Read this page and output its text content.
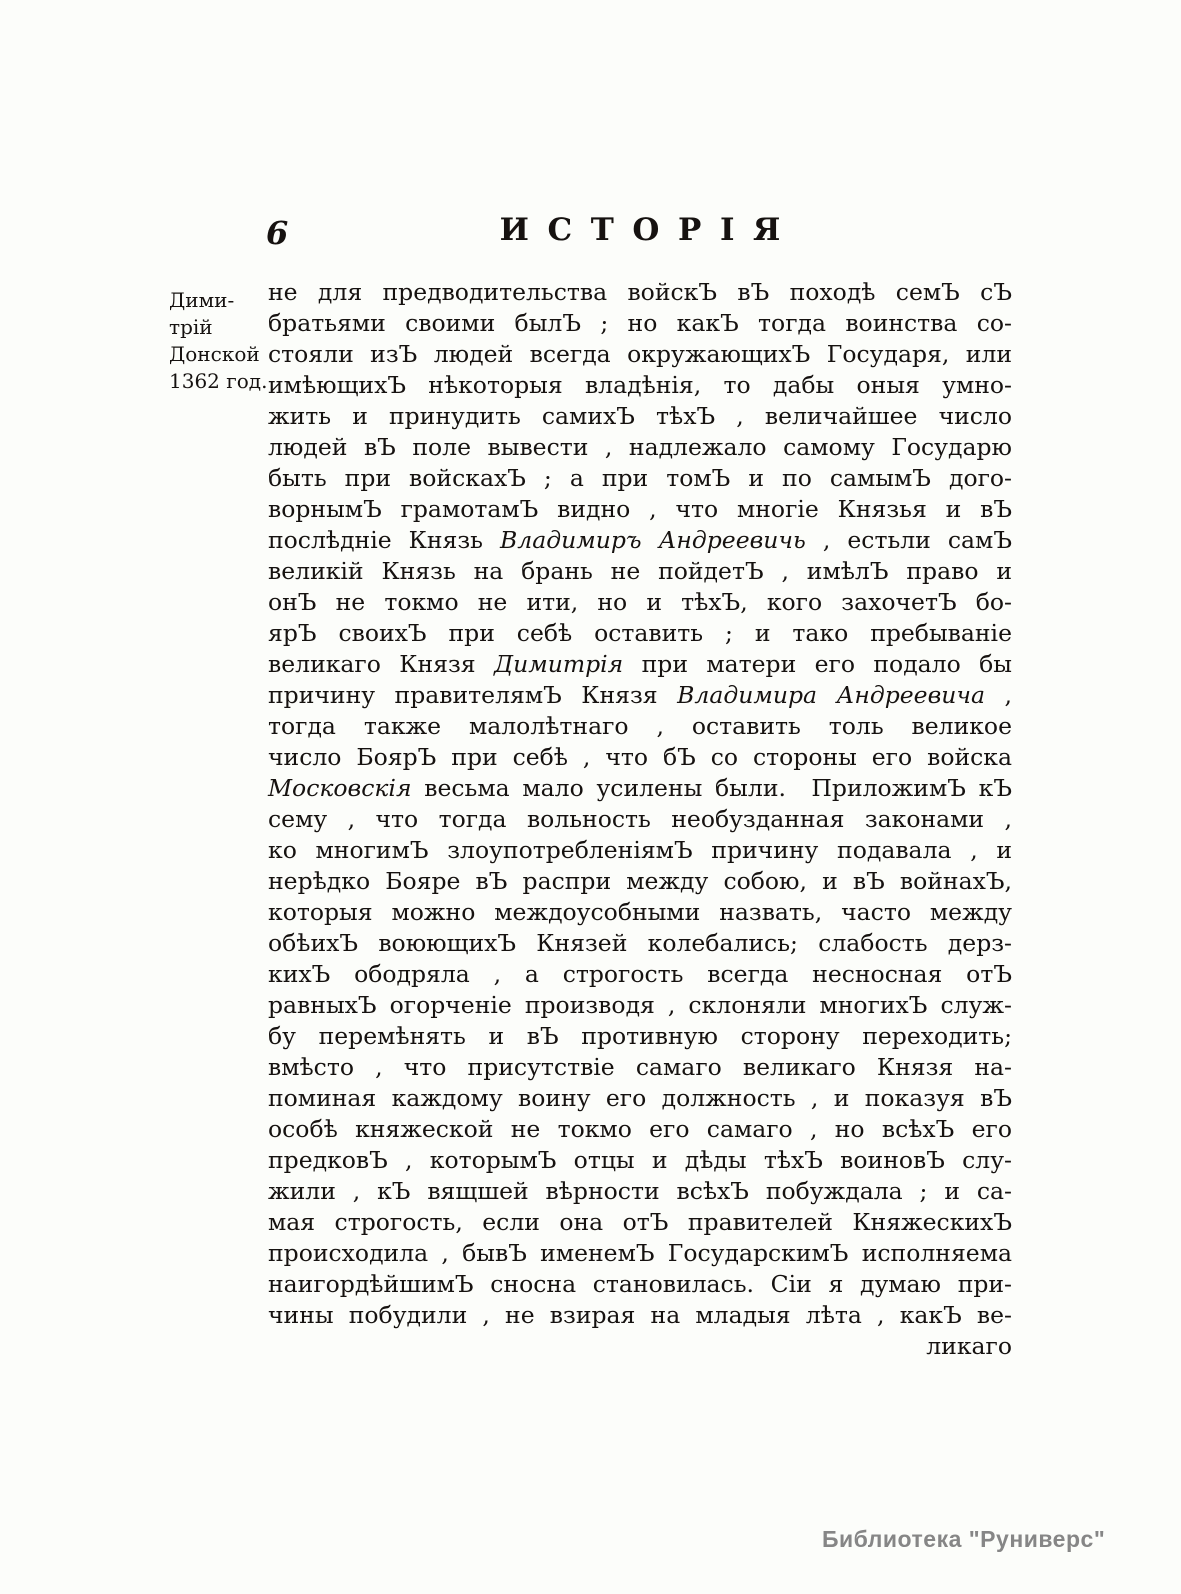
6	ИСТОРІЯ
Дими-
трій
Донской
1362 год.
не для предводительства войскЪ вЪ походѣ семЪ сЪ
братьями своими былЪ ; но какЪ тогда воинства со-
стояли изЪ людей всегда окружающихЪ Государя, или
имѣющихЪ нѣкоторыя владѣнія, то дабы оныя умно-
жить и принудить самихЪ тѣхЪ , величайшее число
людей вЪ поле вывести , надлежало самому Государю
быть при войскахЪ ; а при томЪ и по самымЪ дого-
ворнымЪ грамотамЪ видно , что многіе Князья и вЪ
послѣдніе Князь Владимиръ Андреевичь , естьли самЪ
великій Князь на брань не пойдетЪ , имѣлЪ право и
онЪ не токмо не ити, но и тѣхЪ, кого захочетЪ бо-
ярЪ своихЪ при себѣ оставить ; и тако пребываніе
великаго Князя Димитрія при матери его подало бы
причину правителямЪ Князя Владимира Андреевича ,
тогда также малолѣтнаго , оставить толь великое
число БоярЪ при себѣ , что бЪ со стороны его войска
Московскія весьма мало усилены были.  ПриложимЪ кЪ
сему , что тогда вольность необузданная законами ,
ко многимЪ злоупотребленіямЪ причину подавала , и
нерѣдко Бояре вЪ распри между собою, и вЪ войнахЪ,
которыя можно междоусобными назвать, часто между
обѣихЪ воюющихЪ Князей колебались; слабость дерз-
кихЪ ободряла , а строгость всегда несносная отЪ
равныхЪ огорченіе производя , склоняли многихЪ служ-
бу перемѣнять и вЪ противную сторону переходить;
вмѣсто , что присутствіе самаго великаго Князя на-
поминая каждому воину его должность , и показуя вЪ
особѣ княжеской не токмо его самаго , но всѣхЪ его
предковЪ , которымЪ отцы и дѣды тѣхЪ воиновЪ слу-
жили , кЪ вящшей вѣрности всѣхЪ побуждала ; и са-
мая строгость, если она отЪ правителей КняжескихЪ
происходила , бывЪ именемЪ ГосударскимЪ исполняема
наигордѣйшимЪ сносна становилась. Сіи я думаю при-
чины побудили , не взирая на младыя лѣта , какЪ ве-
ликаго
Библиотека "Руниверс"
